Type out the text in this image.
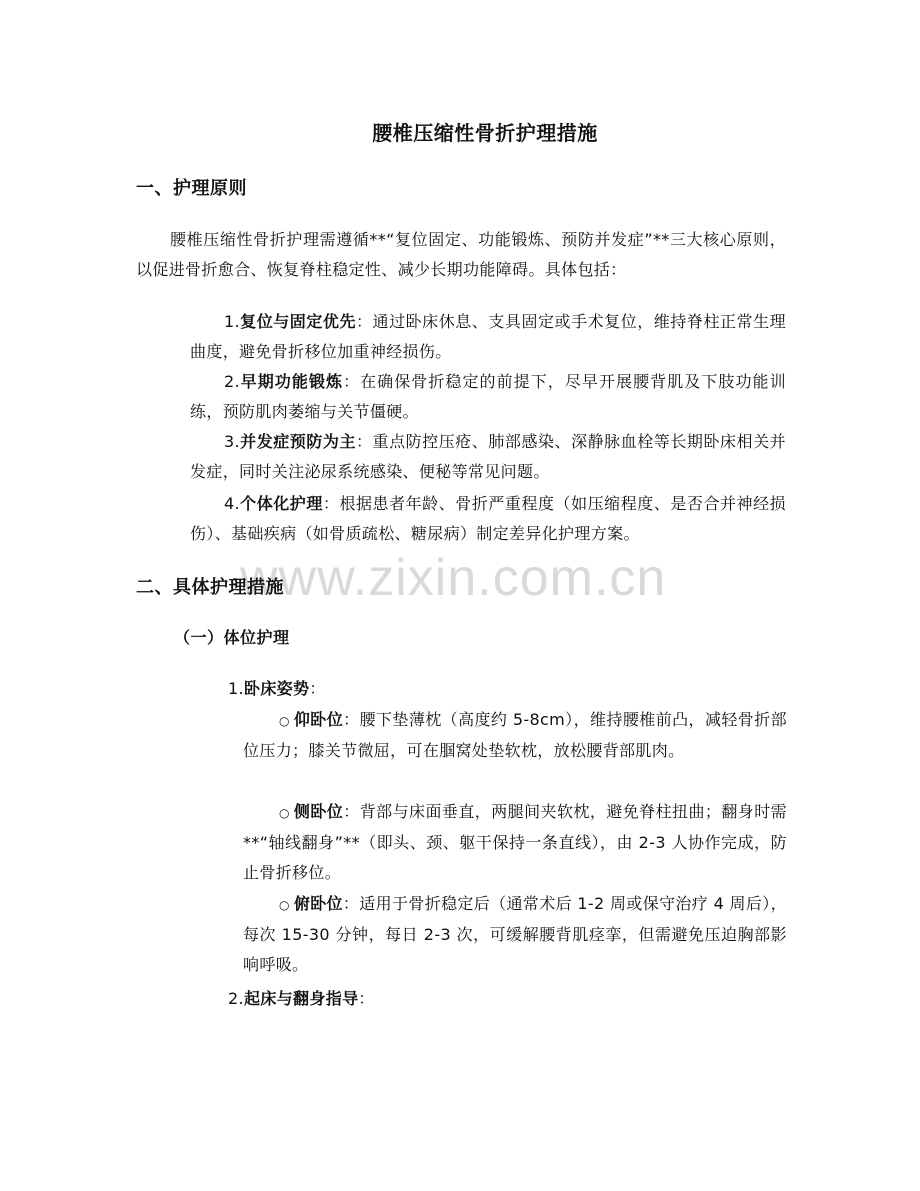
腰椎压缩性骨折护理措施
一、护理原则
腰椎压缩性骨折护理需遵循**“复位固定、功能锻炼、预防并发症”**三大核心原则，以促进骨折愈合、恢复脊柱稳定性、减少长期功能障碍。具体包括：
1.复位与固定优先：通过卧床休息、支具固定或手术复位，维持脊柱正常生理曲度，避免骨折移位加重神经损伤。
2.早期功能锻炼：在确保骨折稳定的前提下，尽早开展腰背肌及下肢功能训练，预防肌肉萎缩与关节僵硬。
3.并发症预防为主：重点防控压疮、肺部感染、深静脉血栓等长期卧床相关并发症，同时关注泌尿系统感染、便秘等常见问题。
4.个体化护理：根据患者年龄、骨折严重程度（如压缩程度、是否合并神经损伤）、基础疾病（如骨质疏松、糖尿病）制定差异化护理方案。
www.zixin.com.cn
二、具体护理措施
（一）体位护理
1.卧床姿势：
○ 仰卧位：腰下垫薄枕（高度约 5-8cm），维持腰椎前凸，减轻骨折部位压力；膝关节微屈，可在腘窝处垫软枕，放松腰背部肌肉。
○ 侧卧位：背部与床面垂直，两腿间夹软枕，避免脊柱扭曲；翻身时需**“轴线翻身”**（即头、颈、躯干保持一条直线），由 2-3 人协作完成，防止骨折移位。
○ 俯卧位：适用于骨折稳定后（通常术后 1-2 周或保守治疗 4 周后），每次 15-30 分钟，每日 2-3 次，可缓解腰背肌痉挛，但需避免压迫胸部影响呼吸。
2.起床与翻身指导：
